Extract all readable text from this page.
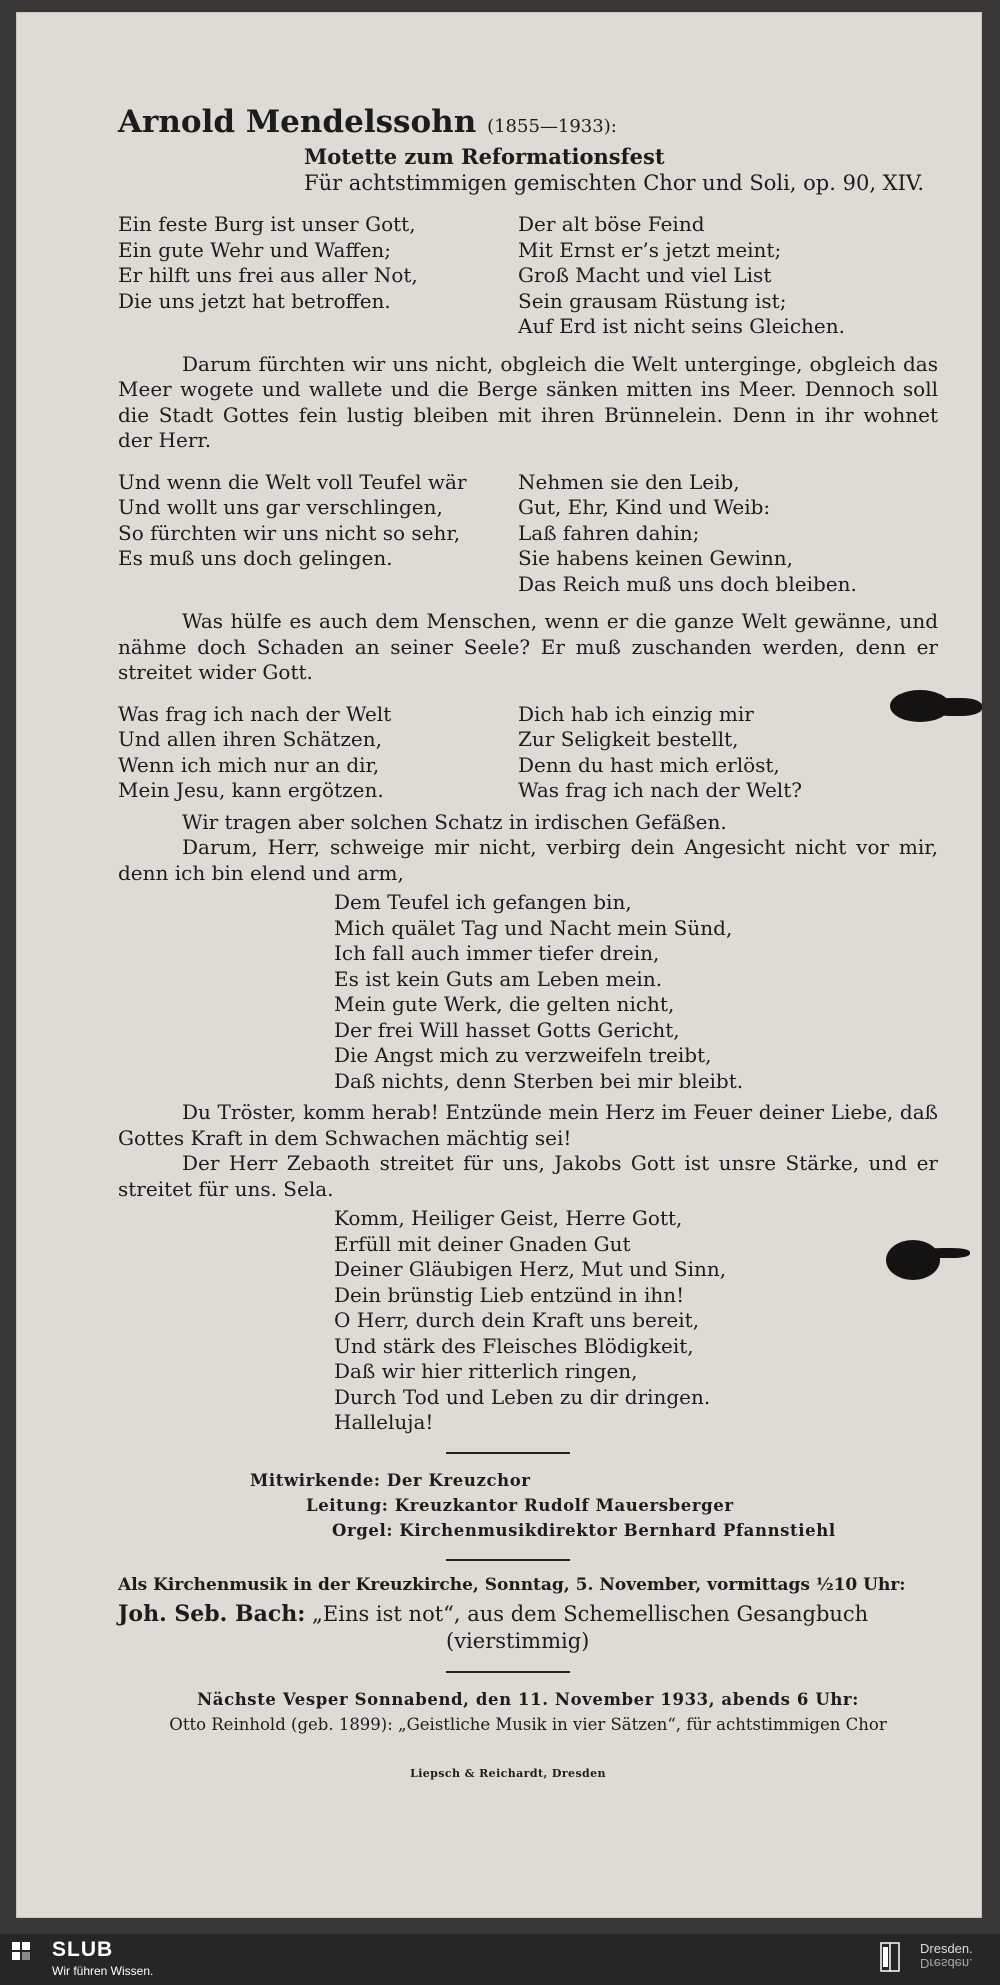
Arnold Mendelssohn (1855—1933):
Motette zum Reformationsfest
Für achtstimmigen gemischten Chor und Soli, op. 90, XIV.
Ein feste Burg ist unser Gott,
Ein gute Wehr und Waffen;
Er hilft uns frei aus aller Not,
Die uns jetzt hat betroffen.
Der alt böse Feind
Mit Ernst er’s jetzt meint;
Groß Macht und viel List
Sein grausam Rüstung ist;
Auf Erd ist nicht seins Gleichen.

Darum fürchten wir uns nicht, obgleich die Welt unterginge, obgleich das Meer wogete und wallete und die Berge sänken mitten ins Meer. Dennoch soll die Stadt Gottes fein lustig bleiben mit ihren Brünnelein. Denn in ihr wohnet der Herr.

Und wenn die Welt voll Teufel wär
Und wollt uns gar verschlingen,
So fürchten wir uns nicht so sehr,
Es muß uns doch gelingen.
Nehmen sie den Leib,
Gut, Ehr, Kind und Weib:
Laß fahren dahin;
Sie habens keinen Gewinn,
Das Reich muß uns doch bleiben.

Was hülfe es auch dem Menschen, wenn er die ganze Welt gewänne, und nähme doch Schaden an seiner Seele? Er muß zuschanden werden, denn er streitet wider Gott.

Was frag ich nach der Welt
Und allen ihren Schätzen,
Wenn ich mich nur an dir,
Mein Jesu, kann ergötzen.
Dich hab ich einzig mir
Zur Seligkeit bestellt,
Denn du hast mich erlöst,
Was frag ich nach der Welt?

Wir tragen aber solchen Schatz in irdischen Gefäßen.

Darum, Herr, schweige mir nicht, verbirg dein Angesicht nicht vor mir, denn ich bin elend und arm,

Dem Teufel ich gefangen bin,
Mich quälet Tag und Nacht mein Sünd,
Ich fall auch immer tiefer drein,
Es ist kein Guts am Leben mein.
Mein gute Werk, die gelten nicht,
Der frei Will hasset Gotts Gericht,
Die Angst mich zu verzweifeln treibt,
Daß nichts, denn Sterben bei mir bleibt.

Du Tröster, komm herab! Entzünde mein Herz im Feuer deiner Liebe, daß Gottes Kraft in dem Schwachen mächtig sei!

Der Herr Zebaoth streitet für uns, Jakobs Gott ist unsre Stärke, und er streitet für uns. Sela.

Komm, Heiliger Geist, Herre Gott,
Erfüll mit deiner Gnaden Gut
Deiner Gläubigen Herz, Mut und Sinn,
Dein brünstig Lieb entzünd in ihn!
O Herr, durch dein Kraft uns bereit,
Und stärk des Fleisches Blödigkeit,
Daß wir hier ritterlich ringen,
Durch Tod und Leben zu dir dringen.
Halleluja!
Mitwirkende: Der Kreuzchor
Leitung: Kreuzkantor Rudolf Mauersberger
Orgel: Kirchenmusikdirektor Bernhard Pfannstiehl
Als Kirchenmusik in der Kreuzkirche, Sonntag, 5. November, vormittags ½10 Uhr:
Joh. Seb. Bach: „Eins ist not“, aus dem Schemellischen Gesangbuch
(vierstimmig)
Nächste Vesper Sonnabend, den 11. November 1933, abends 6 Uhr:
Otto Reinhold (geb. 1899): „Geistliche Musik in vier Sätzen“, für achtstimmigen Chor
Liepsch & Reichardt, Dresden
SLUB
Wir führen Wissen.
Dresden.
Dresden.
